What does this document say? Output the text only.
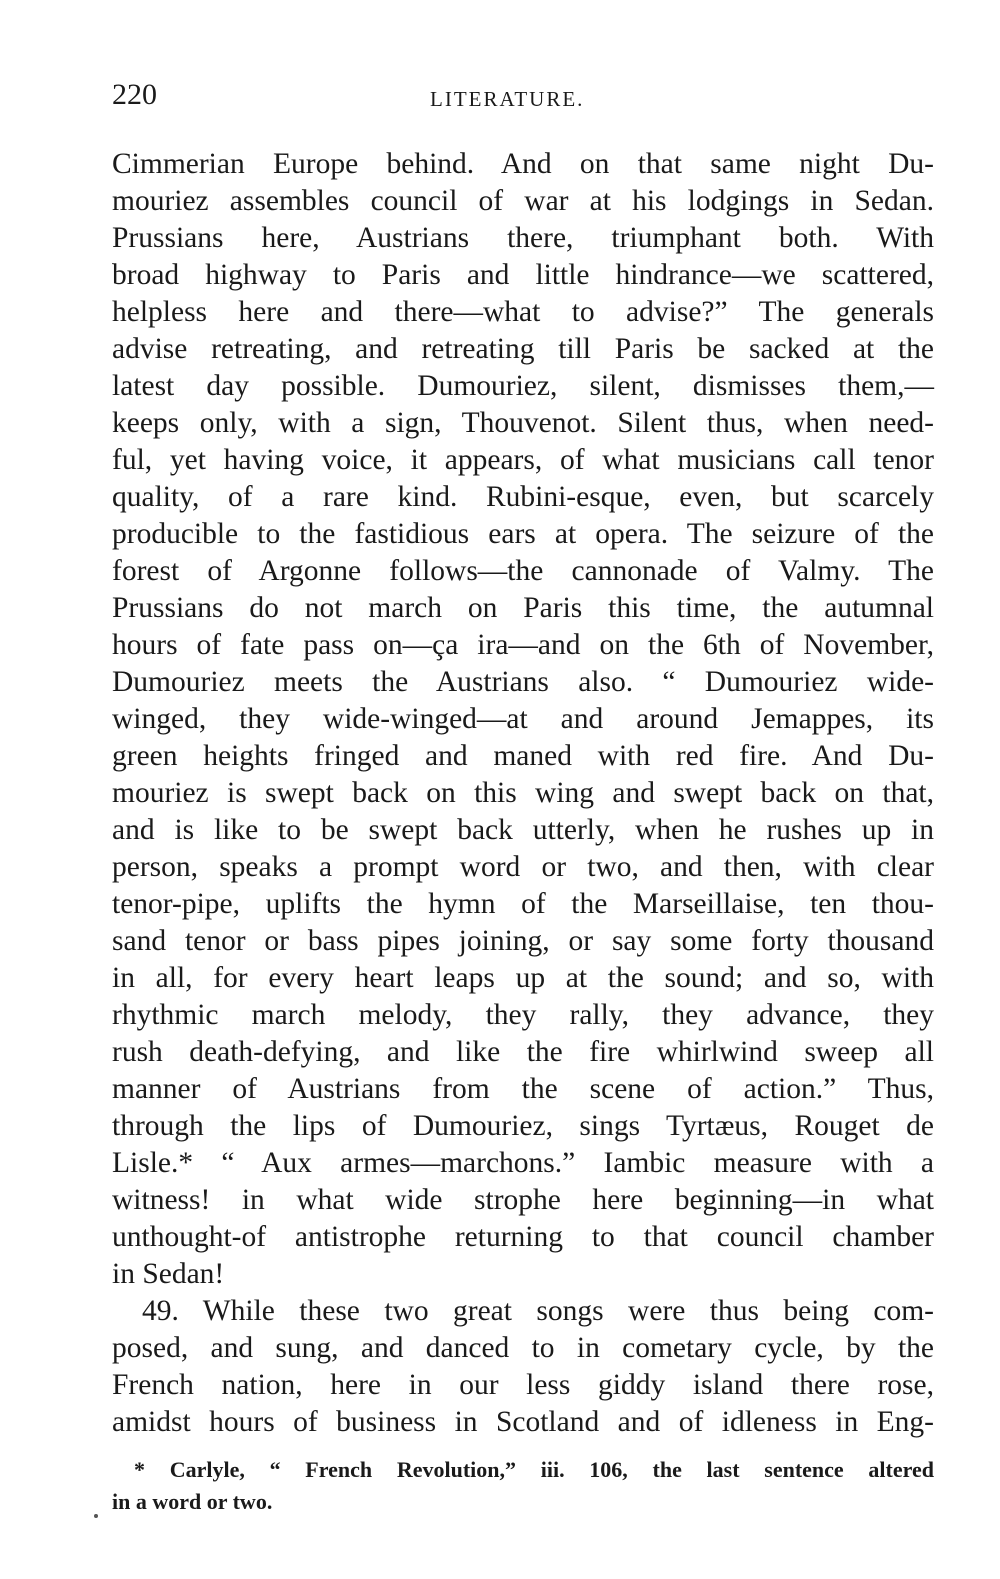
220	LITERATURE.
Cimmerian Europe behind. And on that same night Du-
mouriez assembles council of war at his lodgings in Sedan.
Prussians here, Austrians there, triumphant both. With
broad highway to Paris and little hindrance—we scattered,
helpless here and there—what to advise?” The generals
advise retreating, and retreating till Paris be sacked at the
latest day possible. Dumouriez, silent, dismisses them,—
keeps only, with a sign, Thouvenot. Silent thus, when need-
ful, yet having voice, it appears, of what musicians call tenor
quality, of a rare kind. Rubini-esque, even, but scarcely
producible to the fastidious ears at opera. The seizure of the
forest of Argonne follows—the cannonade of Valmy. The
Prussians do not march on Paris this time, the autumnal
hours of fate pass on—ça ira—and on the 6th of November,
Dumouriez meets the Austrians also. “ Dumouriez wide-
winged, they wide-winged—at and around Jemappes, its
green heights fringed and maned with red fire. And Du-
mouriez is swept back on this wing and swept back on that,
and is like to be swept back utterly, when he rushes up in
person, speaks a prompt word or two, and then, with clear
tenor-pipe, uplifts the hymn of the Marseillaise, ten thou-
sand tenor or bass pipes joining, or say some forty thousand
in all, for every heart leaps up at the sound; and so, with
rhythmic march melody, they rally, they advance, they
rush death-defying, and like the fire whirlwind sweep all
manner of Austrians from the scene of action.” Thus,
through the lips of Dumouriez, sings Tyrtæus, Rouget de
Lisle.* “ Aux armes—marchons.” Iambic measure with a
witness! in what wide strophe here beginning—in what
unthought-of antistrophe returning to that council chamber
in Sedan!
49. While these two great songs were thus being com-
posed, and sung, and danced to in cometary cycle, by the
French nation, here in our less giddy island there rose,
amidst hours of business in Scotland and of idleness in Eng-
* Carlyle, “ French Revolution,” iii. 106, the last sentence altered
in a word or two.
